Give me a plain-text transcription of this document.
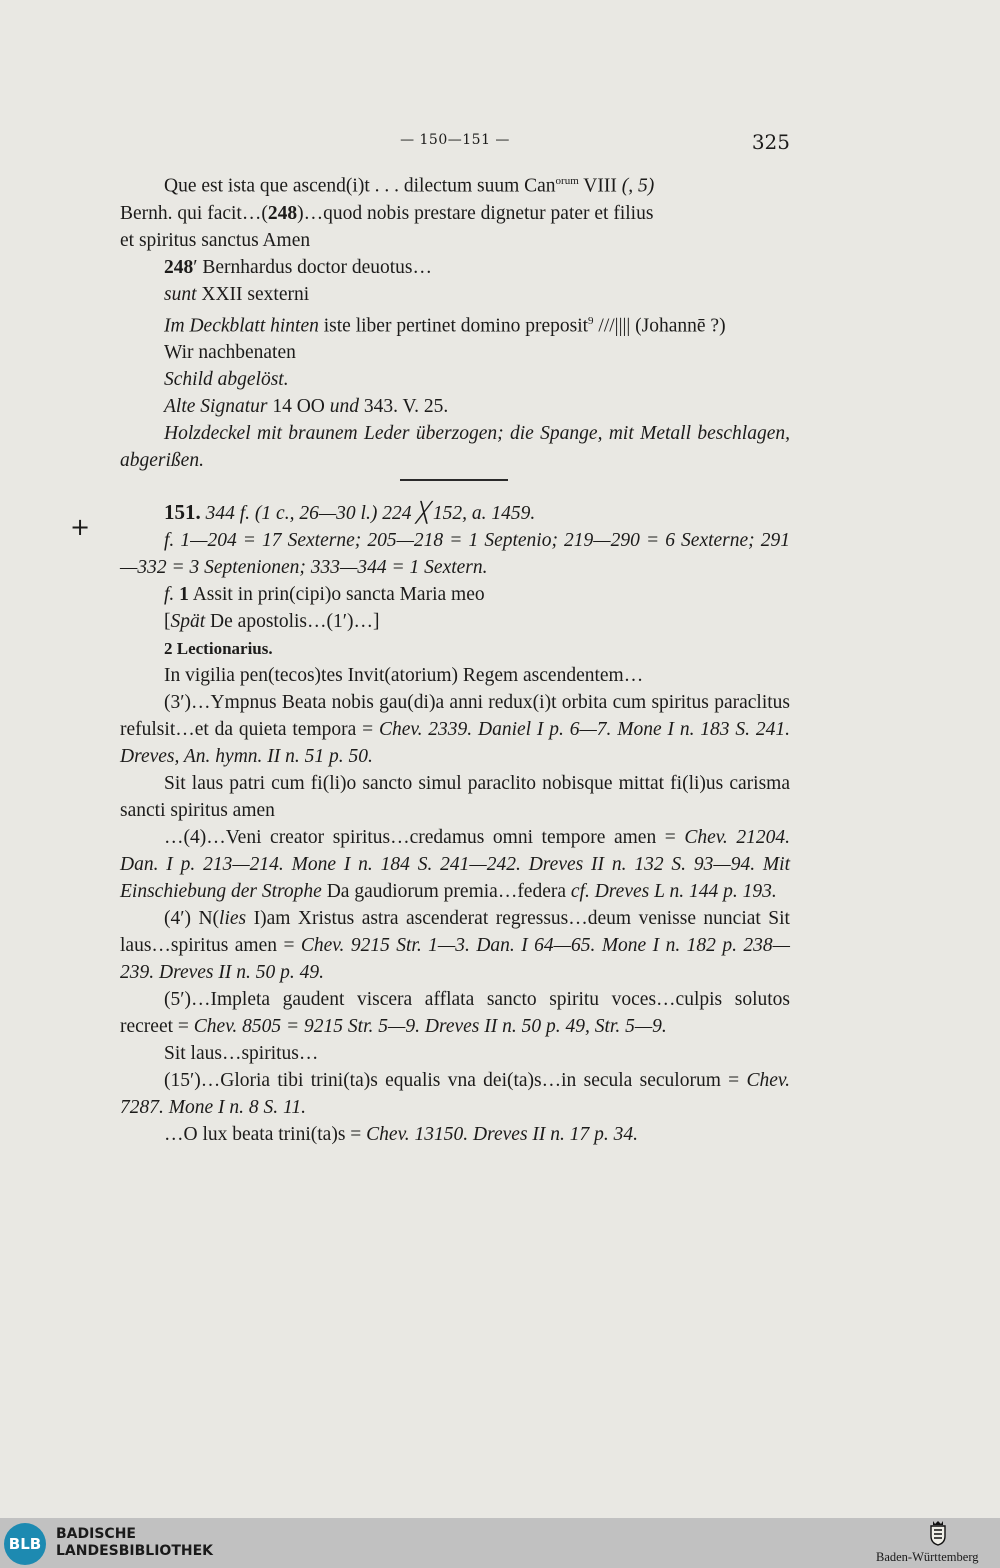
— 150—151 —	325
+

Que est ista que ascend(i)t . . . dilectum suum Can$^{orum}$ VIII (, 5)

Bernh. qui facit…(248)…quod nobis prestare dignetur pater et filius
et spiritus sanctus Amen

248′ Bernhardus doctor deuotus…

sunt XXII sexterni

Im Deckblatt hinten iste liber pertinet domino preposit$^9$ ///|||| (Johannē ?)

Wir nachbenaten

Schild abgelöst.

Alte Signatur 14 OO und 343. V. 25.

Holzdeckel mit braunem Leder überzogen; die Spange, mit Metall beschlagen, abgerißen.

151. 344 f. (1 c., 26—30 l.) 224 ╳ 152, a. 1459.

f. 1—204 = 17 Sexterne; 205—218 = 1 Septenio; 219—290 = 6 Sexterne; 291—332 = 3 Septenionen; 333—344 = 1 Sextern.

f. 1 Assit in prin(cipi)o sancta Maria meo

[Spät De apostolis…(1′)…]

2 Lectionarius.

In vigilia pen(tecos)tes Invit(atorium) Regem ascendentem…

(3′)…Ympnus Beata nobis gau(di)a anni redux(i)t orbita cum spiritus paraclitus refulsit…et da quieta tempora = Chev. 2339. Daniel I p. 6—7. Mone I n. 183 S. 241. Dreves, An. hymn. II n. 51 p. 50.

Sit laus patri cum fi(li)o sancto simul paraclito nobisque mittat fi(li)us carisma sancti spiritus amen

…(4)…Veni creator spiritus…credamus omni tempore amen = Chev. 21204. Dan. I p. 213—214. Mone I n. 184 S. 241—242. Dreves II n. 132 S. 93—94. Mit Einschiebung der Strophe Da gaudiorum premia…federa cf. Dreves L n. 144 p. 193.

(4′) N(lies I)am Xristus astra ascenderat regressus…deum venisse nunciat Sit laus…spiritus amen = Chev. 9215 Str. 1—3. Dan. I 64—65. Mone I n. 182 p. 238—239. Dreves II n. 50 p. 49.

(5′)…Impleta gaudent viscera afflata sancto spiritu voces…culpis solutos recreet = Chev. 8505 = 9215 Str. 5—9. Dreves II n. 50 p. 49, Str. 5—9.

Sit laus…spiritus…

(15′)…Gloria tibi trini(ta)s equalis vna dei(ta)s…in secula seculorum = Chev. 7287. Mone I n. 8 S. 11.

…O lux beata trini(ta)s = Chev. 13150. Dreves II n. 17 p. 34.

BLB
BADISCHE
LANDESBIBLIOTHEK	Baden-Württemberg
